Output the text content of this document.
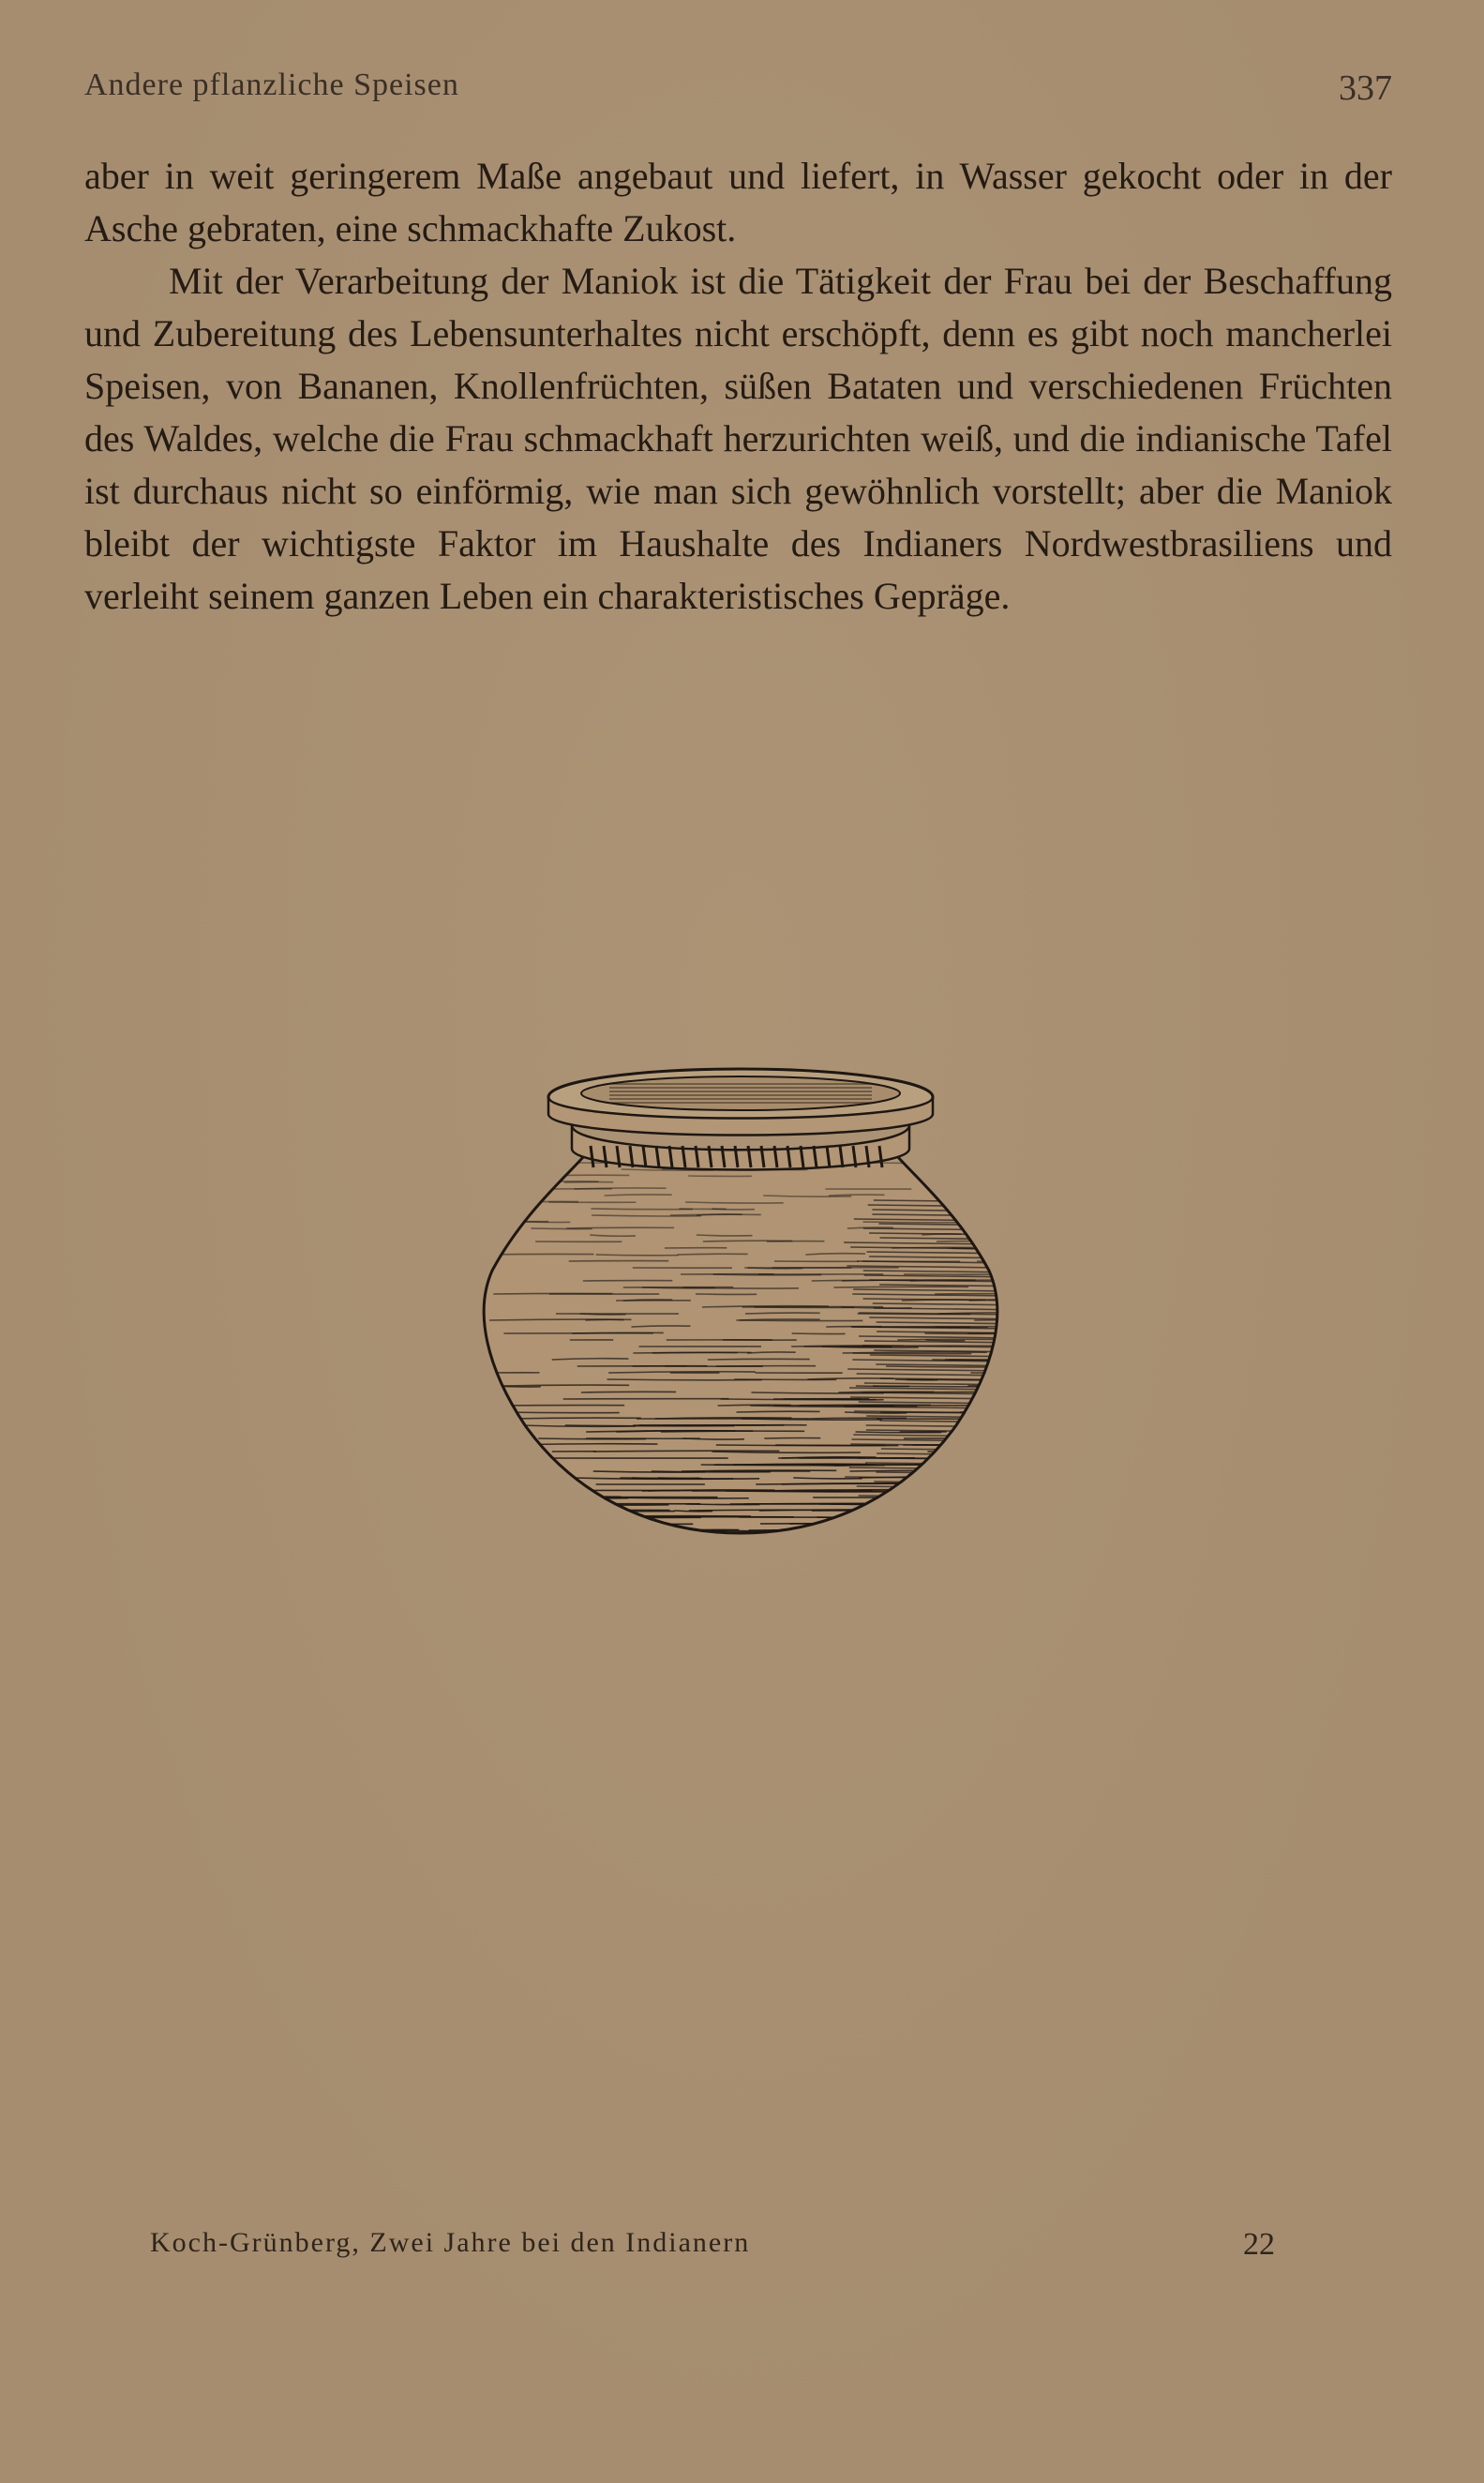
Andere pflanzliche Speisen	337

aber in weit geringerem Maße angebaut und liefert, in Wasser gekocht oder in der Asche gebraten, eine schmackhafte Zukost.

Mit der Verarbeitung der Maniok ist die Tätigkeit der Frau bei der Beschaffung und Zubereitung des Lebensunterhaltes nicht erschöpft, denn es gibt noch mancherlei Speisen, von Bananen, Knollenfrüchten, süßen Bataten und verschiedenen Früchten des Waldes, welche die Frau schmackhaft herzurichten weiß, und die indianische Tafel ist durchaus nicht so einförmig, wie man sich gewöhnlich vorstellt; aber die Maniok bleibt der wichtigste Faktor im Haushalte des Indianers Nordwestbrasiliens und verleiht seinem ganzen Leben ein charakteristisches Gepräge.

Koch-Grünberg, Zwei Jahre bei den Indianern	22
